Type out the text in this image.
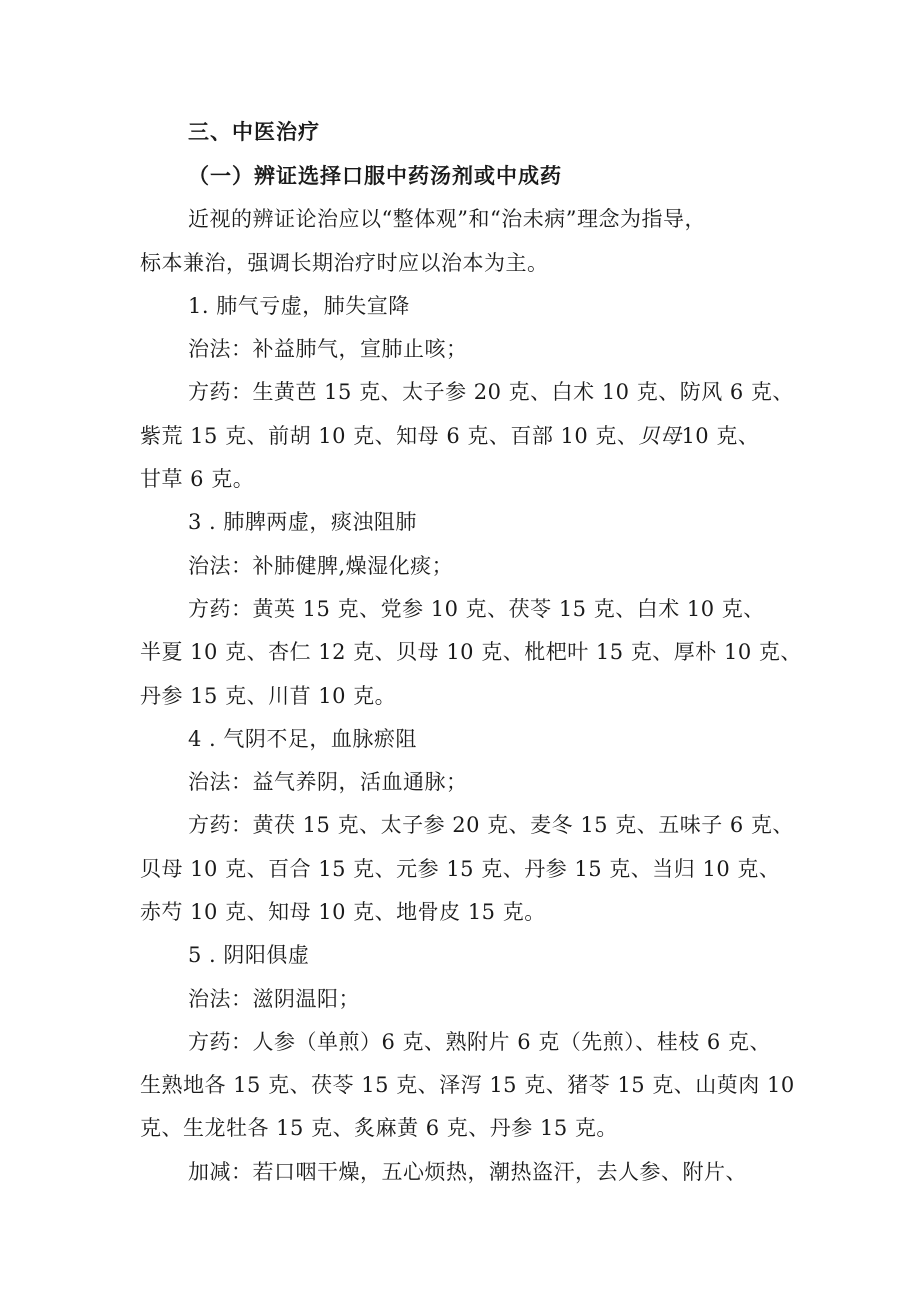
三、中医治疗
（一）辨证选择口服中药汤剂或中成药
近视的辨证论治应以“整体观”和“治未病”理念为指导，
标本兼治，强调长期治疗时应以治本为主。
1. 肺气亏虚，肺失宣降
治法：补益肺气，宣肺止咳；
方药：生黄芭 15 克、太子参 20 克、白术 10 克、防风 6 克、
紫荒 15 克、前胡 10 克、知母 6 克、百部 10 克、贝母10 克、
甘草 6 克。
3 . 肺脾两虚，痰浊阻肺
治法：补肺健脾,燥湿化痰；
方药：黄英 15 克、党参 10 克、茯苓 15 克、白术 10 克、
半夏 10 克、杏仁 12 克、贝母 10 克、枇杷叶 15 克、厚朴 10 克、
丹参 15 克、川苜 10 克。
4 . 气阴不足，血脉瘀阻
治法：益气养阴，活血通脉；
方药：黄茯 15 克、太子参 20 克、麦冬 15 克、五味子 6 克、
贝母 10 克、百合 15 克、元参 15 克、丹参 15 克、当归 10 克、
赤芍 10 克、知母 10 克、地骨皮 15 克。
5 . 阴阳俱虚
治法：滋阴温阳；
方药：人参（单煎）6 克、熟附片 6 克（先煎）、桂枝 6 克、
生熟地各 15 克、茯苓 15 克、泽泻 15 克、猪苓 15 克、山萸肉 10
克、生龙牡各 15 克、炙麻黄 6 克、丹参 15 克。
加减：若口咽干燥，五心烦热，潮热盗汗，去人参、附片、
